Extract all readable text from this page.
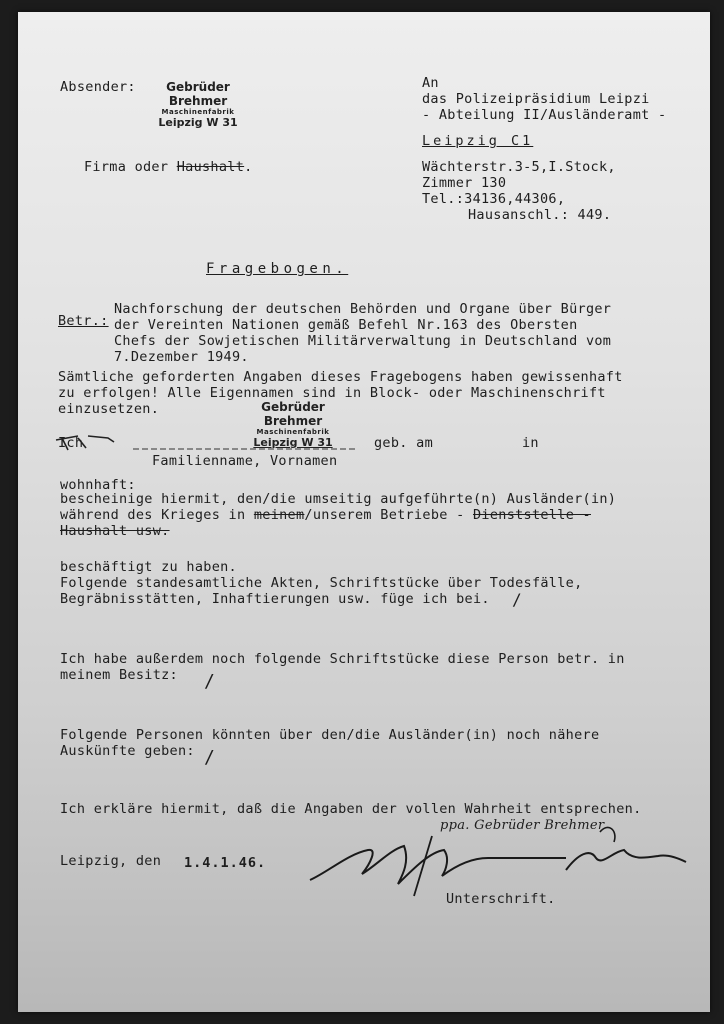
Absender:	Gebrüder Brehmer
Maschinenfabrik
Leipzig W 31
Firma oder Haushalt.
An
das Polizeipräsidium Leipzi
- Abteilung II/Ausländeramt -
Leipzig C1
Wächterstr.3-5,I.Stock,
Zimmer 130
Tel.:34136,44306,
Hausanschl.: 449.
Fragebogen.
Betr.:
Nachforschung der deutschen Behörden und Organe über Bürger
der Vereinten Nationen gemäß Befehl Nr.163 des Obersten
Chefs der Sowjetischen Militärverwaltung in Deutschland vom
7.Dezember 1949.
Sämtliche geforderten Angaben dieses Fragebogens haben gewissenhaft
zu erfolgen! Alle Eigennamen sind in Block- oder Maschinenschrift
einzusetzen.	Gebrüder Brehmer
Maschinenfabrik
Leipzig W 31
Ich	geb. am	in
Familienname, Vornamen
wohnhaft:
bescheinige hiermit, den/die umseitig aufgeführte(n) Ausländer(in)
während des Krieges in meinem/unserem Betriebe - Dienststelle -
Haushalt usw.
beschäftigt zu haben.
Folgende standesamtliche Akten, Schriftstücke über Todesfälle,
Begräbnisstätten, Inhaftierungen usw. füge ich bei. /
Ich habe außerdem noch folgende Schriftstücke diese Person betr. in
meinem Besitz: /
Folgende Personen könnten über den/die Ausländer(in) noch nähere
Auskünfte geben: /
Ich erkläre hiermit, daß die Angaben der vollen Wahrheit entsprechen.
ppa. Gebrüder Brehmer
Leipzig, den 1.4.1.46.
Unterschrift.
